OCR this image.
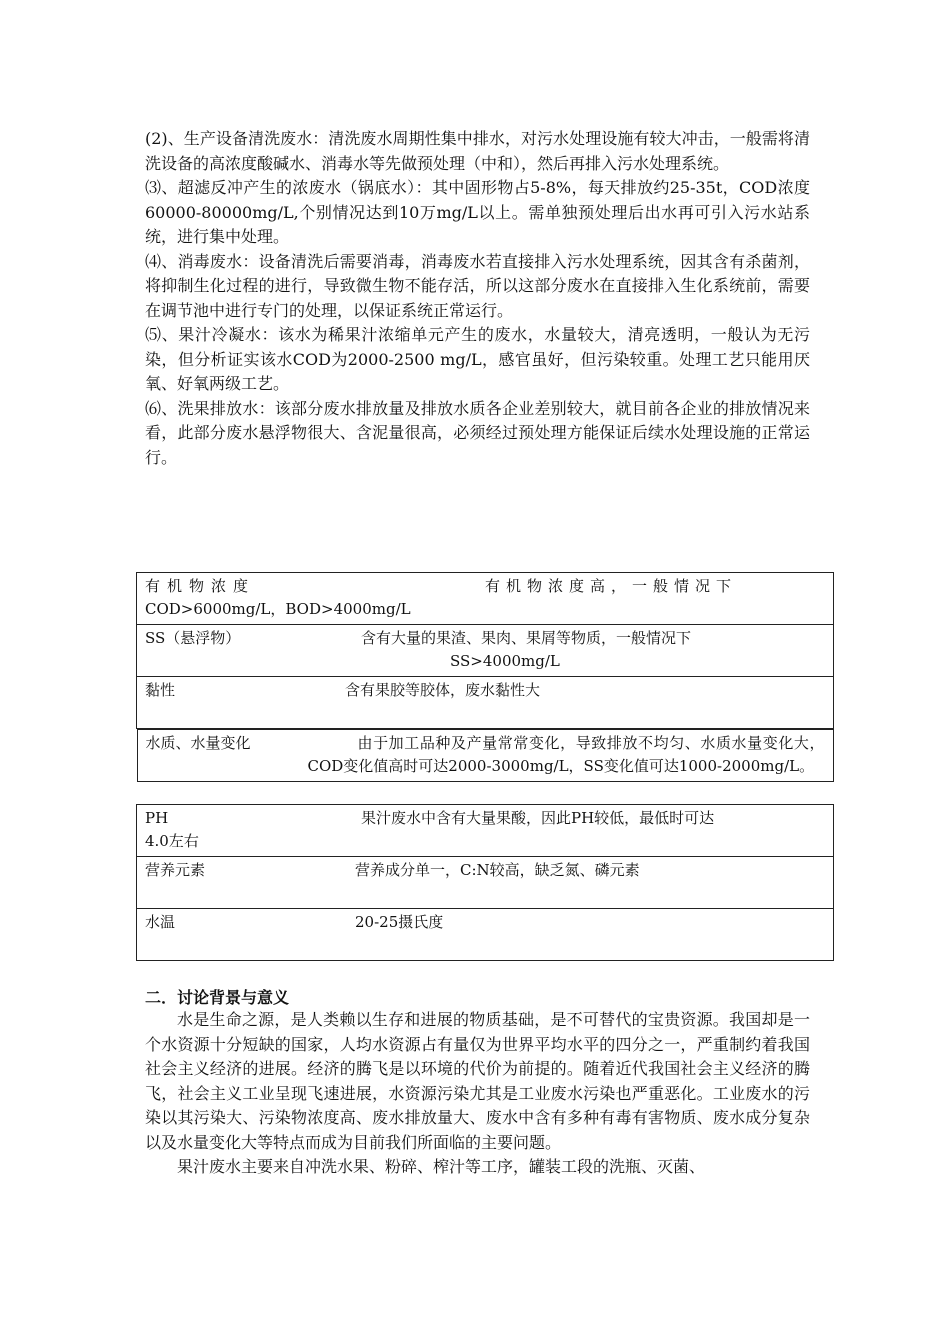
(2)、生产设备清洗废水：清洗废水周期性集中排水，对污水处理设施有较大冲击，一般需将清洗设备的高浓度酸碱水、消毒水等先做预处理（中和），然后再排入污水处理系统。

⑶、超滤反冲产生的浓废水（锅底水）：其中固形物占5-8%，每天排放约25-35t，COD浓度60000-80000mg/L,个别情况达到10万mg/L以上。需单独预处理后出水再可引入污水站系统，进行集中处理。

⑷、消毒废水：设备清洗后需要消毒，消毒废水若直接排入污水处理系统，因其含有杀菌剂，将抑制生化过程的进行，导致微生物不能存活，所以这部分废水在直接排入生化系统前，需要在调节池中进行专门的处理，以保证系统正常运行。

⑸、果汁冷凝水：该水为稀果汁浓缩单元产生的废水，水量较大，清亮透明，一般认为无污染，但分析证实该水COD为2000-2500 mg/L，感官虽好，但污染较重。处理工艺只能用厌氧、好氧两级工艺。

⑹、洗果排放水：该部分废水排放量及排放水质各企业差别较大，就目前各企业的排放情况来看，此部分废水悬浮物很大、含泥量很高，必须经过预处理方能保证后续水处理设施的正常运行。

有机物浓度	有机物浓度高，一般情况下
COD>6000mg/L，BOD>4000mg/L
SS（悬浮物）	含有大量的果渣、果肉、果屑等物质，一般情况下
SS>4000mg/L
黏性	含有果胶等胶体，废水黏性大

水质、水量变化	由于加工品种及产量常常变化，导致排放不均匀、水质水量变化大，COD变化值高时可达2000-3000mg/L，SS变化值可达1000-2000mg/L。

PH	果汁废水中含有大量果酸，因此PH较低，最低时可达
4.0左右
营养元素	营养成分单一，C:N较高，缺乏氮、磷元素
水温	20-25摄氏度
二．讨论背景与意义

水是生命之源，是人类赖以生存和进展的物质基础，是不可替代的宝贵资源。我国却是一个水资源十分短缺的国家，人均水资源占有量仅为世界平均水平的四分之一，严重制约着我国社会主义经济的进展。经济的腾飞是以环境的代价为前提的。随着近代我国社会主义经济的腾飞，社会主义工业呈现飞速进展，水资源污染尤其是工业废水污染也严重恶化。工业废水的污染以其污染大、污染物浓度高、废水排放量大、废水中含有多种有毒有害物质、废水成分复杂以及水量变化大等特点而成为目前我们所面临的主要问题。

果汁废水主要来自冲洗水果、粉碎、榨汁等工序，罐装工段的洗瓶、灭菌、
